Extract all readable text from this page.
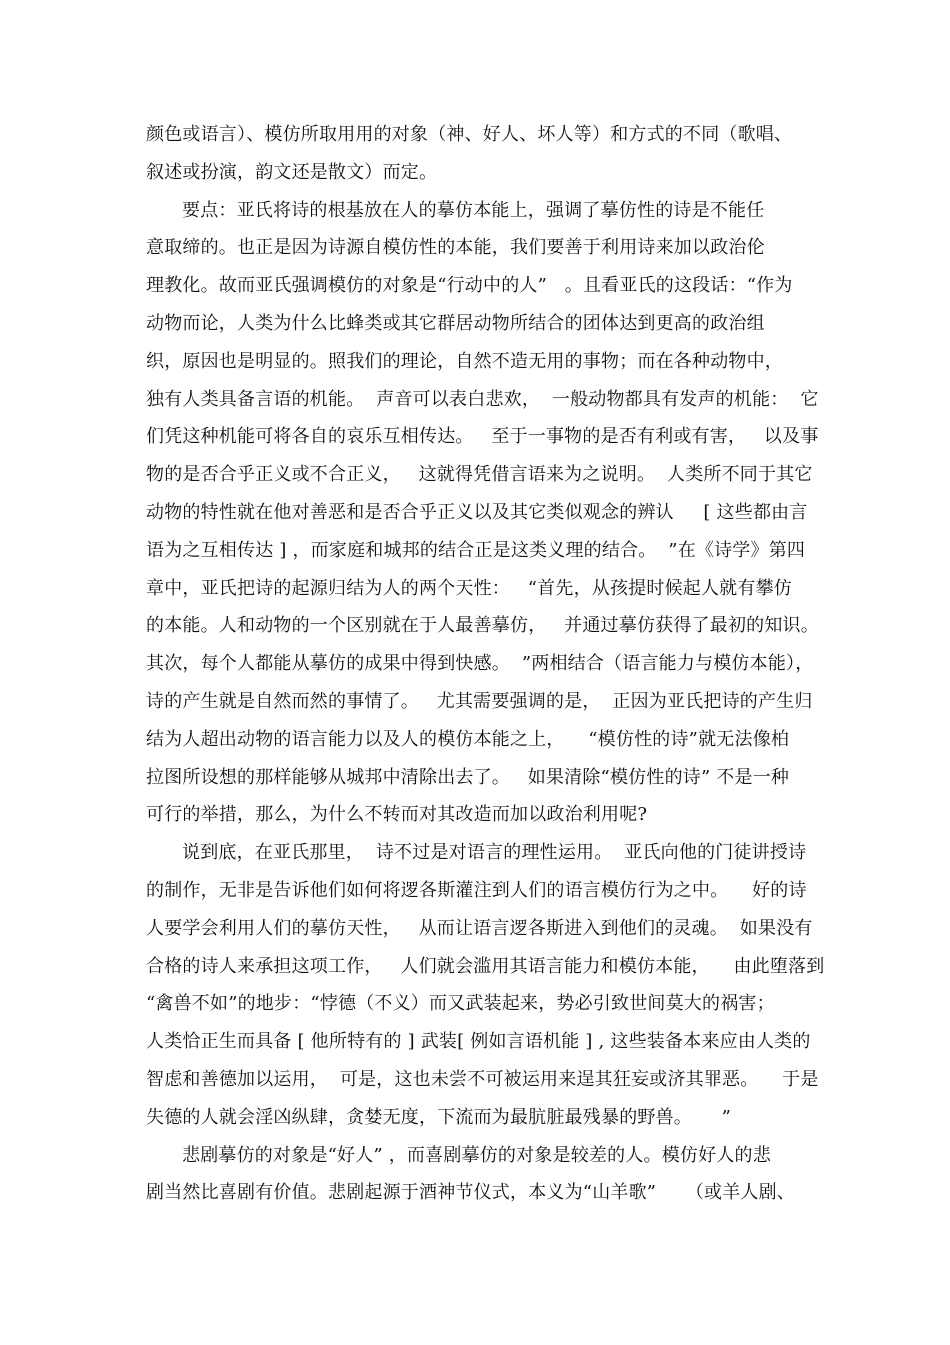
颜色或语言）、模仿所取用用的对象（神、好人、坏人等）和方式的不同（歌唱、
叙述或扮演，韵文还是散文）而定。
要点：亚氏将诗的根基放在人的摹仿本能上，强调了摹仿性的诗是不能任
意取缔的。也正是因为诗源自模仿性的本能，我们要善于利用诗来加以政治伦
理教化。故而亚氏强调模仿的对象是“行动中的人”   。且看亚氏的这段话：“作为
动物而论，人类为什么比蜂类或其它群居动物所结合的团体达到更高的政治组
织，原因也是明显的。照我们的理论，自然不造无用的事物；而在各种动物中，
独有人类具备言语的机能。  声音可以表白悲欢，  一般动物都具有发声的机能：  它
们凭这种机能可将各自的哀乐互相传达。   至于一事物的是否有利或有害，   以及事
物的是否合乎正义或不合正义，   这就得凭借言语来为之说明。  人类所不同于其它
动物的特性就在他对善恶和是否合乎正义以及其它类似观念的辨认     [ 这些都由言
语为之互相传达 ] ，而家庭和城邦的结合正是这类义理的结合。  ”在《诗学》第四
章中，亚氏把诗的起源归结为人的两个天性：   “首先，从孩提时候起人就有攀仿
的本能。人和动物的一个区别就在于人最善摹仿，   并通过摹仿获得了最初的知识。
其次，每个人都能从摹仿的成果中得到快感。  ”两相结合（语言能力与模仿本能），
诗的产生就是自然而然的事情了。   尤其需要强调的是，  正因为亚氏把诗的产生归
结为人超出动物的语言能力以及人的模仿本能之上，    “模仿性的诗”就无法像柏
拉图所设想的那样能够从城邦中清除出去了。   如果清除“模仿性的诗” 不是一种
可行的举措，那么，为什么不转而对其改造而加以政治利用呢?
说到底，在亚氏那里，  诗不过是对语言的理性运用。  亚氏向他的门徒讲授诗
的制作，无非是告诉他们如何将逻各斯灌注到人们的语言模仿行为之中。    好的诗
人要学会利用人们的摹仿天性，   从而让语言逻各斯进入到他们的灵魂。  如果没有
合格的诗人来承担这项工作，   人们就会滥用其语言能力和模仿本能，    由此堕落到
“禽兽不如”的地步：“悖德（不义）而又武装起来，势必引致世间莫大的祸害；
人类恰正生而具备 [ 他所特有的 ] 武装[ 例如言语机能 ] , 这些装备本来应由人类的
智虑和善德加以运用，  可是，这也未尝不可被运用来逞其狂妄或济其罪恶。    于是
失德的人就会淫凶纵肆，贪婪无度，下流而为最肮脏最残暴的野兽。     ”
悲剧摹仿的对象是“好人” ，而喜剧摹仿的对象是较差的人。模仿好人的悲
剧当然比喜剧有价值。悲剧起源于酒神节仪式，本义为“山羊歌”     （或羊人剧、
